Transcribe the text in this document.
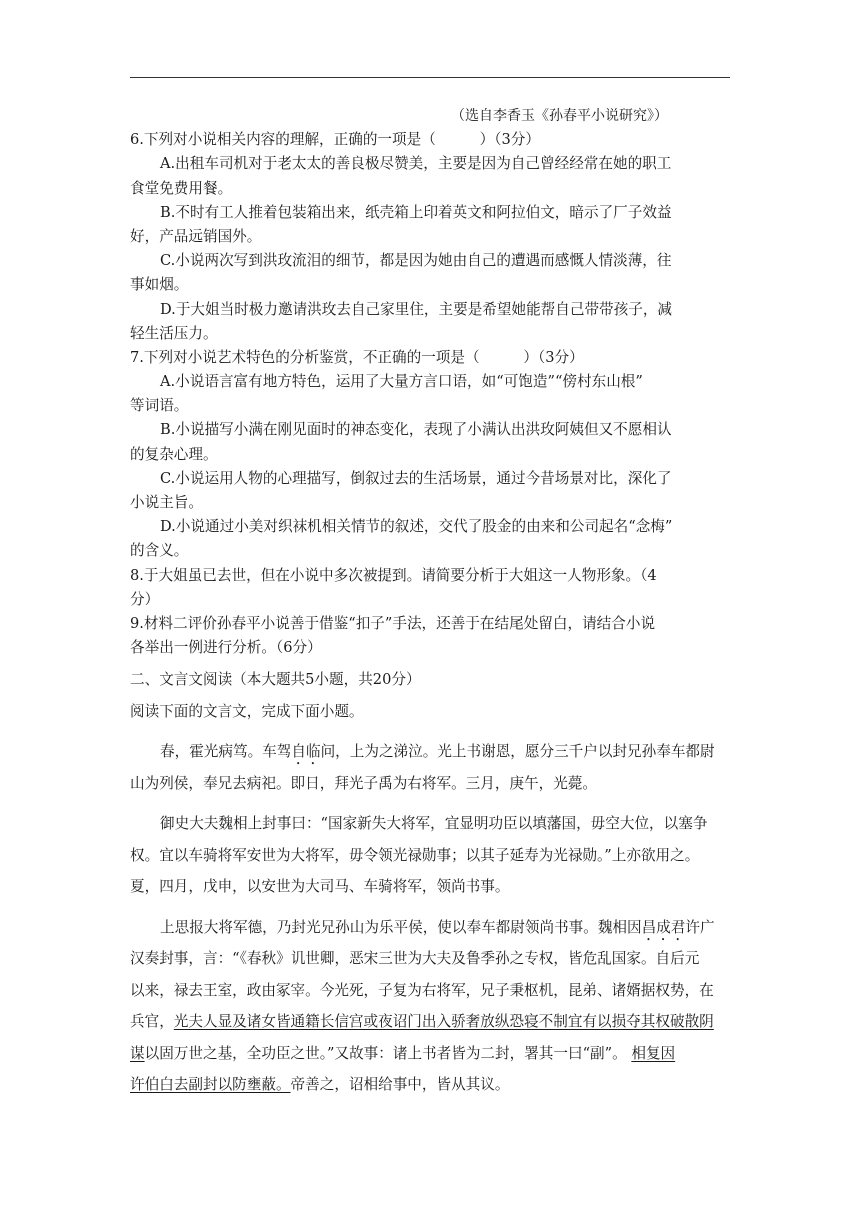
（选自李香玉《孙春平小说研究》）
6.下列对小说相关内容的理解，正确的一项是（　　　）（3分）
A.出租车司机对于老太太的善良极尽赞美，主要是因为自己曾经经常在她的职工
食堂免费用餐。
B.不时有工人推着包装箱出来，纸壳箱上印着英文和阿拉伯文，暗示了厂子效益
好，产品远销国外。
C.小说两次写到洪玫流泪的细节，都是因为她由自己的遭遇而感慨人情淡薄，往
事如烟。
D.于大姐当时极力邀请洪玫去自己家里住，主要是希望她能帮自己带带孩子，减
轻生活压力。
7.下列对小说艺术特色的分析鉴赏，不正确的一项是（　　　）（3分）
A.小说语言富有地方特色，运用了大量方言口语，如“可饱造”“傍村东山根”
等词语。
B.小说描写小满在刚见面时的神态变化，表现了小满认出洪玫阿姨但又不愿相认
的复杂心理。
C.小说运用人物的心理描写，倒叙过去的生活场景，通过今昔场景对比，深化了
小说主旨。
D.小说通过小美对织袜机相关情节的叙述，交代了股金的由来和公司起名“念梅”
的含义。
8.于大姐虽已去世，但在小说中多次被提到。请简要分析于大姐这一人物形象。（4
分）
9.材料二评价孙春平小说善于借鉴“扣子”手法，还善于在结尾处留白，请结合小说
各举出一例进行分析。（6分）
二、文言文阅读（本大题共5小题，共20分）
阅读下面的文言文，完成下面小题。
春，霍光病笃。车驾自临问，上为之涕泣。光上书谢恩，愿分三千户以封兄孙奉车都尉
山为列侯，奉兄去病祀。即日，拜光子禹为右将军。三月，庚午，光薨。
御史大夫魏相上封事曰：“国家新失大将军，宜显明功臣以填藩国，毋空大位，以塞争
权。宜以车骑将军安世为大将军，毋令领光禄勋事；以其子延寿为光禄勋。”上亦欲用之。
夏，四月，戊申，以安世为大司马、车骑将军，领尚书事。
上思报大将军德，乃封光兄孙山为乐平侯，使以奉车都尉领尚书事。魏相因昌成君许广
汉奏封事，言：“《春秋》讥世卿，恶宋三世为大夫及鲁季孙之专权，皆危乱国家。自后元
以来，禄去王室，政由冢宰。今光死，子复为右将军，兄子秉枢机，昆弟、诸婿据权势，在
兵官，光夫人显及诸女皆通籍长信宫或夜诏门出入骄奢放纵恐寝不制宜有以损夺其权破散阴
谋以固万世之基，全功臣之世。”又故事：诸上书者皆为二封，署其一曰“副”。 相复因
许伯白去副封以防壅蔽。帝善之，诏相给事中，皆从其议。
